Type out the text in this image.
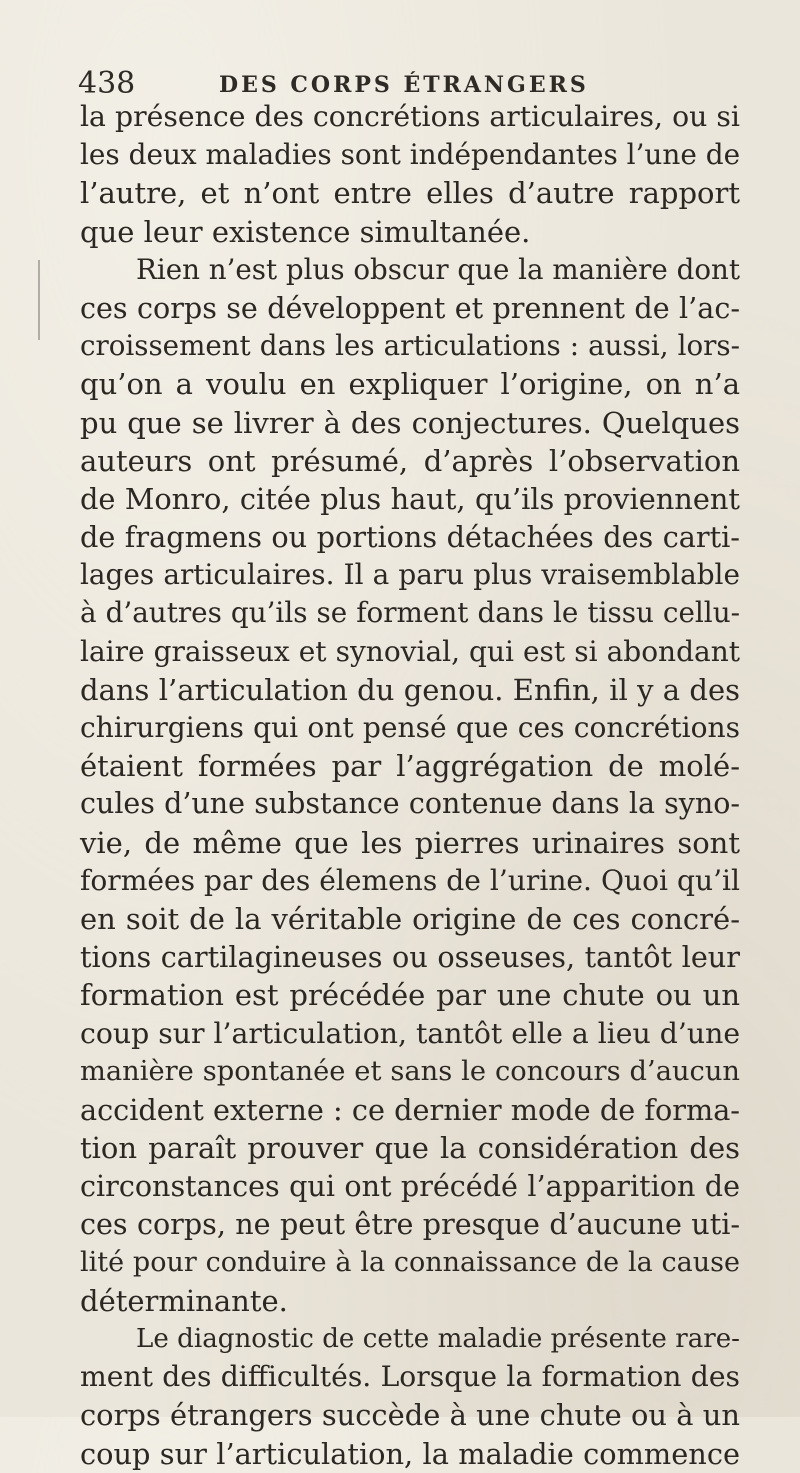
438	DES CORPS ÉTRANGERS
la présence des concrétions articulaires, ou si
les deux maladies sont indépendantes l’une de
l’autre, et n’ont entre elles d’autre rapport
que leur existence simultanée.
Rien n’est plus obscur que la manière dont
ces corps se développent et prennent de l’ac-
croissement dans les articulations : aussi, lors-
qu’on a voulu en expliquer l’origine, on n’a
pu que se livrer à des conjectures. Quelques
auteurs ont présumé, d’après l’observation
de Monro, citée plus haut, qu’ils proviennent
de fragmens ou portions détachées des carti-
lages articulaires. Il a paru plus vraisemblable
à d’autres qu’ils se forment dans le tissu cellu-
laire graisseux et synovial, qui est si abondant
dans l’articulation du genou. Enfin, il y a des
chirurgiens qui ont pensé que ces concrétions
étaient formées par l’aggrégation de molé-
cules d’une substance contenue dans la syno-
vie, de même que les pierres urinaires sont
formées par des élemens de l’urine. Quoi qu’il
en soit de la véritable origine de ces concré-
tions cartilagineuses ou osseuses, tantôt leur
formation est précédée par une chute ou un
coup sur l’articulation, tantôt elle a lieu d’une
manière spontanée et sans le concours d’aucun
accident externe : ce dernier mode de forma-
tion paraît prouver que la considération des
circonstances qui ont précédé l’apparition de
ces corps, ne peut être presque d’aucune uti-
lité pour conduire à la connaissance de la cause
déterminante.
Le diagnostic de cette maladie présente rare-
ment des difficultés. Lorsque la formation des
corps étrangers succède à une chute ou à un
coup sur l’articulation, la maladie commence
